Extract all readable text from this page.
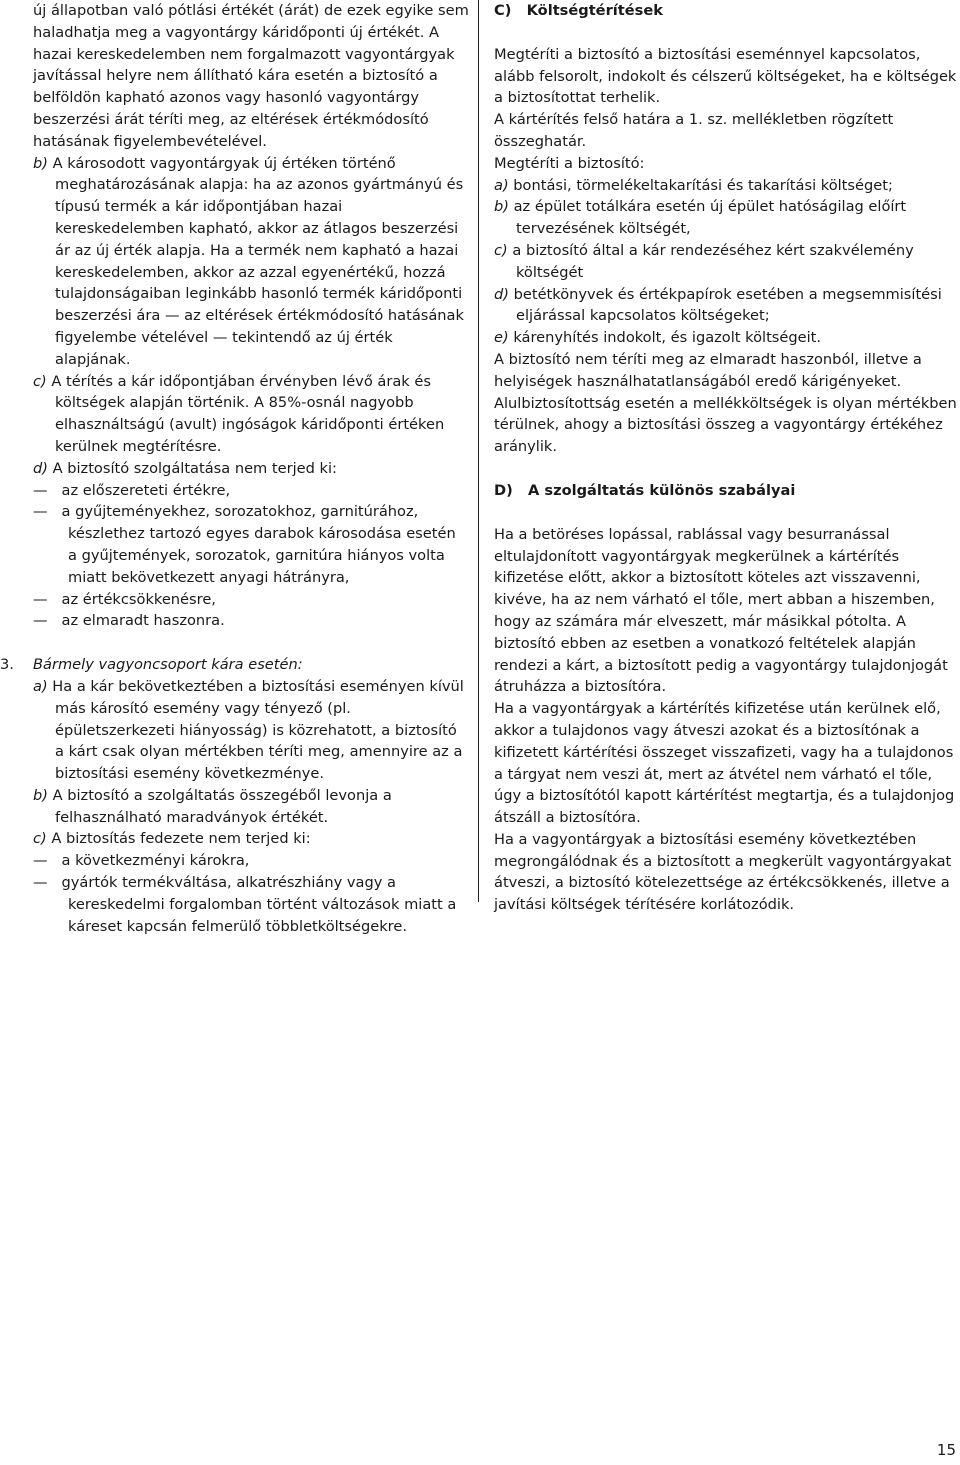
új állapotban való pótlási értékét (árát) de ezek egyike sem haladhatja meg a vagyontárgy káridőponti új értékét. A hazai kereskedelemben nem forgalmazott vagyontárgyak javítással helyre nem állítható kára esetén a biztosító a belföldön kapható azonos vagy hasonló vagyontárgy beszerzési árát téríti meg, az eltérések értékmódosító hatásának figyelembevételével.

b) A károsodott vagyontárgyak új értéken történő meghatározásának alapja: ha az azonos gyártmányú és típusú termék a kár időpontjában hazai kereskedelemben kapható, akkor az átlagos beszerzési ár az új érték alapja. Ha a termék nem kapható a hazai kereskedelemben, akkor az azzal egyenértékű, hozzá tulajdonságaiban leginkább hasonló termék káridőponti beszerzési ára — az eltérések értékmódosító hatásának figyelembe vételével — tekintendő az új érték alapjának.

c) A térítés a kár időpontjában érvényben lévő árak és költségek alapján történik. A 85%-osnál nagyobb elhasználtságú (avult) ingóságok káridőponti értéken kerülnek megtérítésre.

d) A biztosító szolgáltatása nem terjed ki:

— az előszereteti értékre,

— a gyűjteményekhez, sorozatokhoz, garnitúrához, készlethez tartozó egyes darabok károsodása esetén a gyűjtemények, sorozatok, garnitúra hiányos volta miatt bekövetkezett anyagi hátrányra,

— az értékcsökkenésre,

— az elmaradt haszonra.

3. Bármely vagyoncsoport kára esetén:

a) Ha a kár bekövetkeztében a biztosítási eseményen kívül más károsító esemény vagy tényező (pl. épületszerkezeti hiányosság) is közrehatott, a biztosító a kárt csak olyan mértékben téríti meg, amennyire az a biztosítási esemény következménye.

b) A biztosító a szolgáltatás összegéből levonja a felhasználható maradványok értékét.

c) A biztosítás fedezete nem terjed ki:

— a következményi károkra,

— gyártók termékváltása, alkatrészhiány vagy a kereskedelmi forgalomban történt változások miatt a káreset kapcsán felmerülő többletköltségekre.

C)   Költségtérítések

Megtéríti a biztosító a biztosítási eseménnyel kapcsolatos, alább felsorolt, indokolt és célszerű költségeket, ha e költségek a biztosítottat terhelik.

A kártérítés felső határa a 1. sz. mellékletben rögzített összeghatár.

Megtéríti a biztosító:

a) bontási, törmelékeltakarítási és takarítási költséget;

b) az épület totálkára esetén új épület hatóságilag előírt tervezésének költségét,

c) a biztosító által a kár rendezéséhez kért szakvélemény költségét

d) betétkönyvek és értékpapírok esetében a megsemmisítési eljárással kapcsolatos költségeket;

e) kárenyhítés indokolt, és igazolt költségeit.

A biztosító nem téríti meg az elmaradt haszonból, illetve a helyiségek használhatatlanságából eredő kárigényeket. Alulbiztosítottság esetén a mellékköltségek is olyan mértékben térülnek, ahogy a biztosítási összeg a vagyontárgy értékéhez aránylik.

D)   A szolgáltatás különös szabályai

Ha a betöréses lopással, rablással vagy besurranással eltulajdonított vagyontárgyak megkerülnek a kártérítés kifizetése előtt, akkor a biztosított köteles azt visszavenni, kivéve, ha az nem várható el tőle, mert abban a hiszemben, hogy az számára már elveszett, már másikkal pótolta. A biztosító ebben az esetben a vonatkozó feltételek alapján rendezi a kárt, a biztosított pedig a vagyontárgy tulajdonjogát átruházza a biztosítóra.

Ha a vagyontárgyak a kártérítés kifizetése után kerülnek elő, akkor a tulajdonos vagy átveszi azokat és a biztosítónak a kifizetett kártérítési összeget visszafizeti, vagy ha a tulajdonos a tárgyat nem veszi át, mert az átvétel nem várható el tőle, úgy a biztosítótól kapott kártérítést megtartja, és a tulajdonjog átszáll a biztosítóra.

Ha a vagyontárgyak a biztosítási esemény következtében megrongálódnak és a biztosított a megkerült vagyontárgyakat átveszi, a biztosító kötelezettsége az értékcsökkenés, illetve a javítási költségek térítésére korlátozódik.

15
